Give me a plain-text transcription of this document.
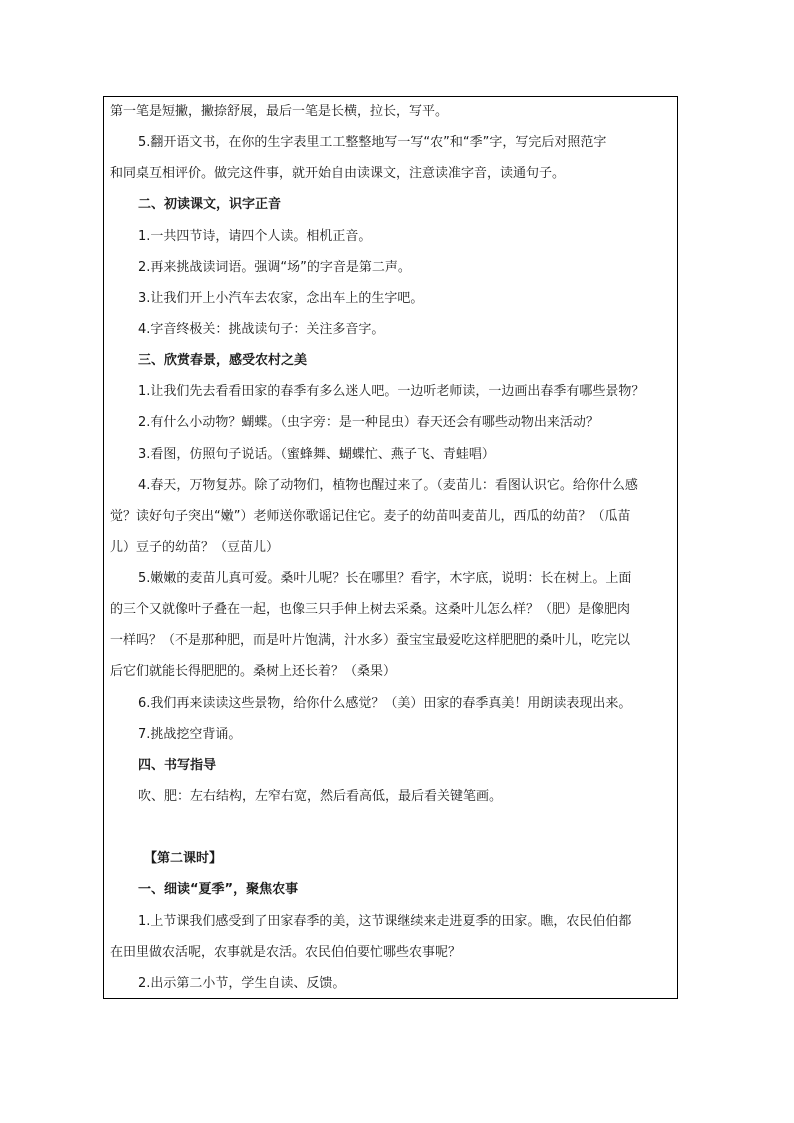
第一笔是短撇，撇捺舒展，最后一笔是长横，拉长，写平。
5.翻开语文书，在你的生字表里工工整整地写一写“农”和“季”字，写完后对照范字
和同桌互相评价。做完这件事，就开始自由读课文，注意读准字音，读通句子。
二、初读课文，识字正音
1.一共四节诗，请四个人读。相机正音。
2.再来挑战读词语。强调“场”的字音是第二声。
3.让我们开上小汽车去农家，念出车上的生字吧。
4.字音终极关：挑战读句子：关注多音字。
三、欣赏春景，感受农村之美
1.让我们先去看看田家的春季有多么迷人吧。一边听老师读，一边画出春季有哪些景物？
2.有什么小动物？蝴蝶。（虫字旁：是一种昆虫）春天还会有哪些动物出来活动？
3.看图，仿照句子说话。（蜜蜂舞、蝴蝶忙、燕子飞、青蛙唱）
4.春天，万物复苏。除了动物们，植物也醒过来了。（麦苗儿：看图认识它。给你什么感
觉？读好句子突出“嫩”）老师送你歌谣记住它。麦子的幼苗叫麦苗儿，西瓜的幼苗？（瓜苗
儿）豆子的幼苗？（豆苗儿）
5.嫩嫩的麦苗儿真可爱。桑叶儿呢？长在哪里？看字，木字底，说明：长在树上。上面
的三个又就像叶子叠在一起，也像三只手伸上树去采桑。这桑叶儿怎么样？（肥）是像肥肉
一样吗？（不是那种肥，而是叶片饱满，汁水多）蚕宝宝最爱吃这样肥肥的桑叶儿，吃完以
后它们就能长得肥肥的。桑树上还长着？（桑果）
6.我们再来读读这些景物，给你什么感觉？（美）田家的春季真美！用朗读表现出来。
7.挑战挖空背诵。
四、书写指导
吹、肥：左右结构，左窄右宽，然后看高低，最后看关键笔画。
【第二课时】
一、细读“夏季”，聚焦农事
1.上节课我们感受到了田家春季的美，这节课继续来走进夏季的田家。瞧，农民伯伯都
在田里做农活呢，农事就是农活。农民伯伯要忙哪些农事呢？
2.出示第二小节，学生自读、反馈。
